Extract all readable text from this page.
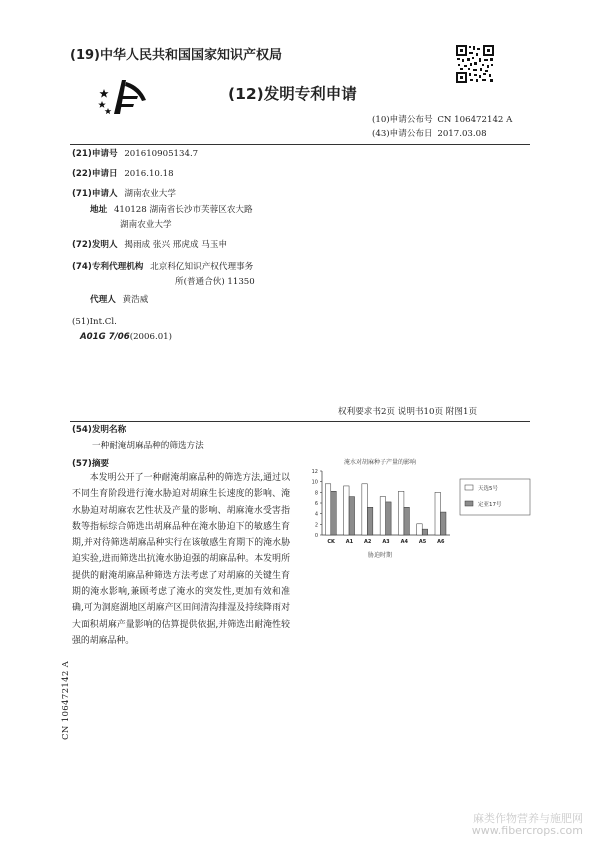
(19)中华人民共和国国家知识产权局
(12)发明专利申请
(10)申请公布号 CN 106472142 A
(43)申请公布日 2017.03.08
(21)申请号 201610905134.7
(22)申请日 2016.10.18
(71)申请人 湖南农业大学
地址 410128 湖南省长沙市芙蓉区农大路
湖南农业大学
(72)发明人 揭雨成 张兴 邢虎成 马玉申
(74)专利代理机构 北京科亿知识产权代理事务
所(普通合伙) 11350
代理人 黄浩威
(51)Int.Cl.
A01G 7/06(2006.01)
权利要求书2页 说明书10页 附图1页
(54)发明名称
一种耐淹胡麻品种的筛选方法
(57)摘要

本发明公开了一种耐淹胡麻品种的筛选方法,通过以不同生育阶段进行淹水胁迫对胡麻生长速度的影响、淹水胁迫对胡麻农艺性状及产量的影响、胡麻淹水受害指数等指标综合筛选出胡麻品种在淹水胁迫下的敏感生育期,并对待筛选胡麻品种实行在该敏感生育期下的淹水胁迫实验,进而筛选出抗淹水胁迫强的胡麻品种。本发明所提供的耐淹胡麻品种筛选方法考虑了对胡麻的关键生育期的淹水影响,兼顾考虑了淹水的突发性,更加有效和准确,可为洞庭湖地区胡麻产区田间清沟排湿及持续降雨对大面积胡麻产量影响的估算提供依据,并筛选出耐淹性较强的胡麻品种。

淹水对胡麻种子产量的影响
0
2
4
6
8
10
12
CK A1 A2 A3 A4 A5 A6
胁迫时期
天选5号
定亚17号
CN 106472142 A
麻类作物营养与施肥网
www.fibercrops.com
